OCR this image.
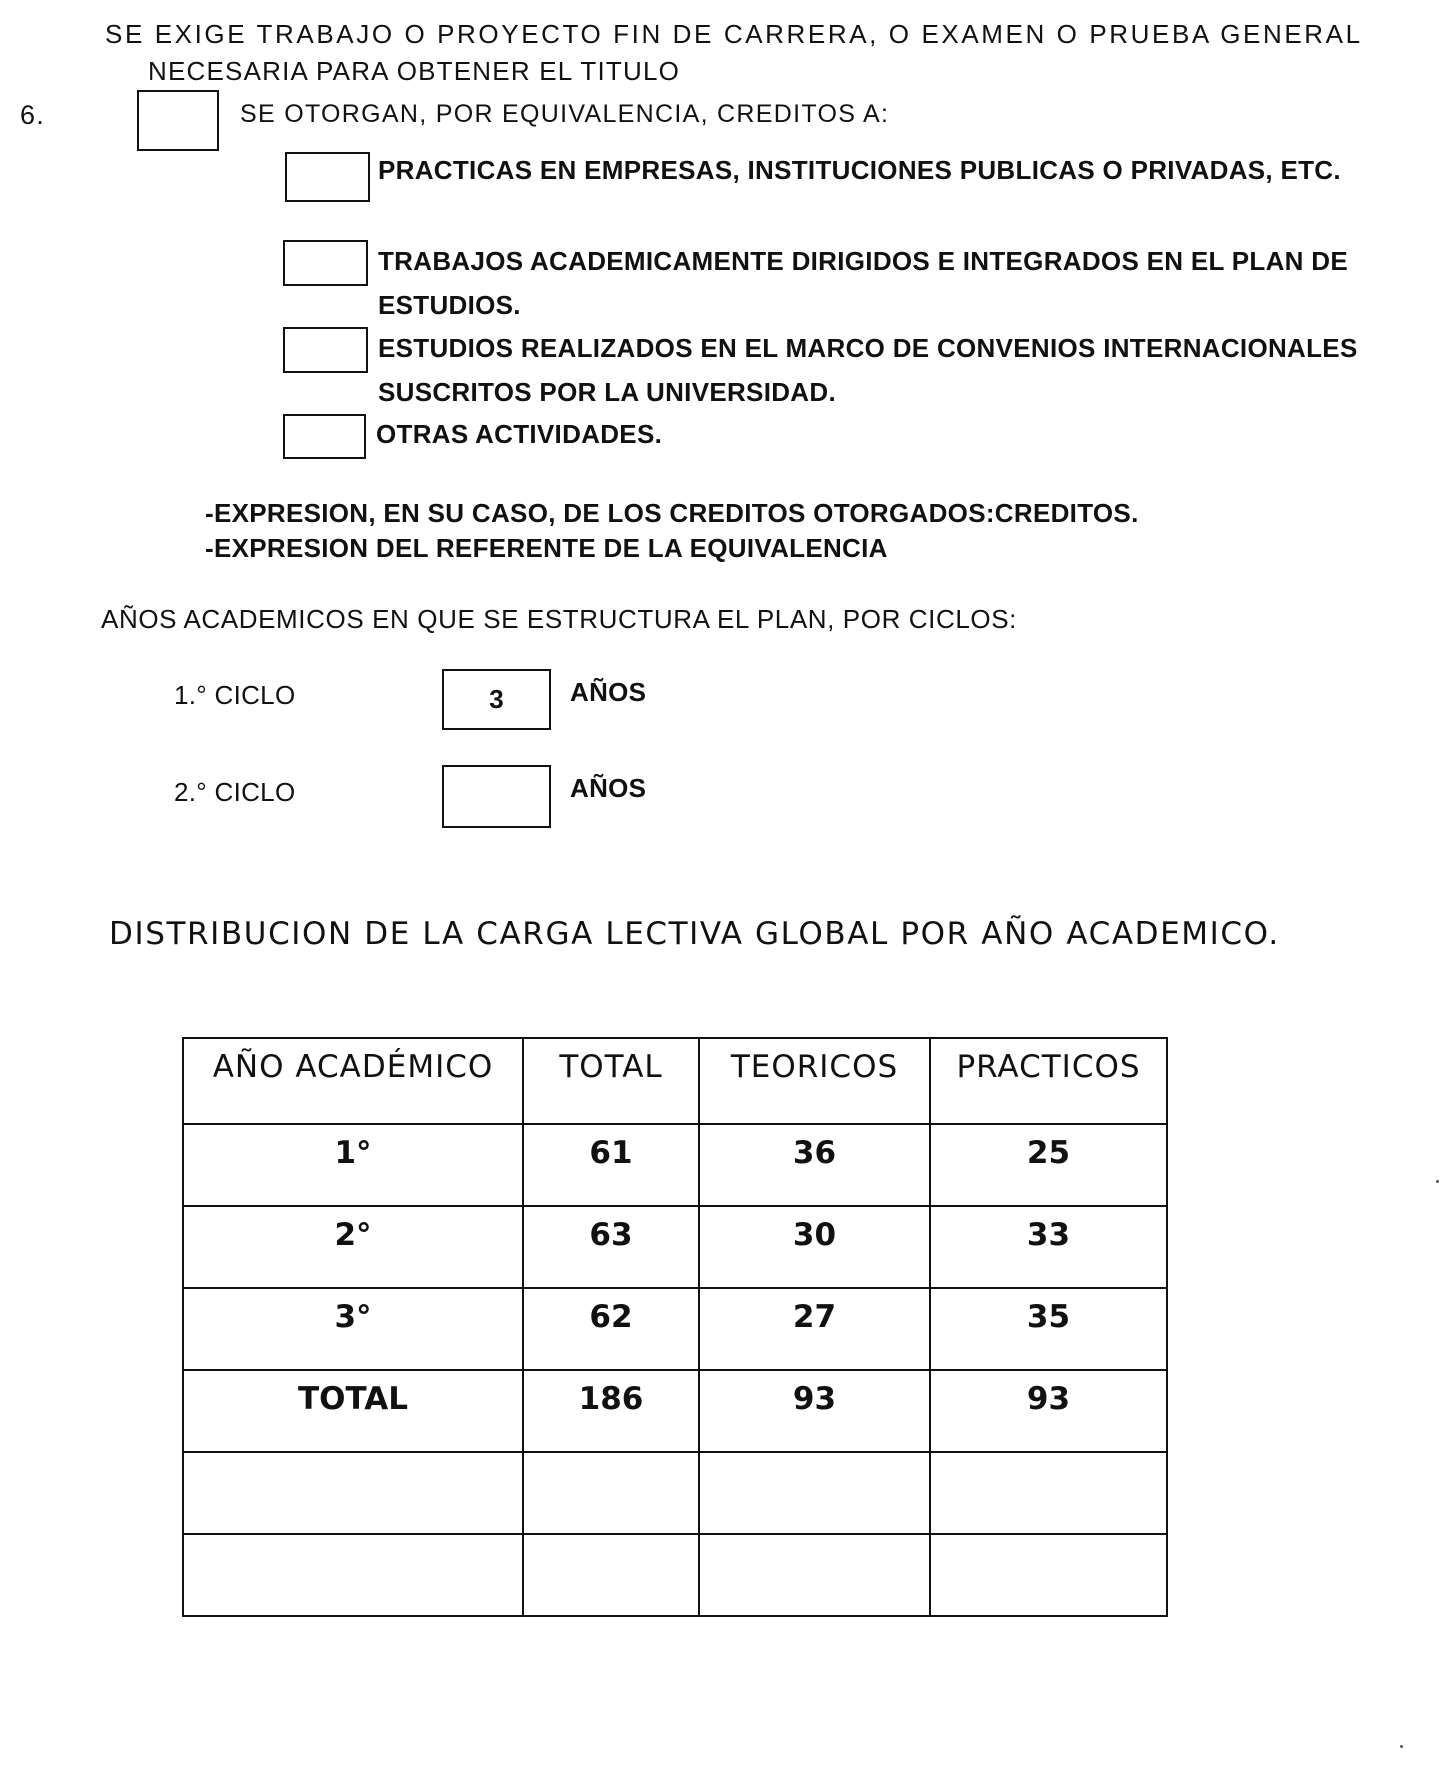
SE EXIGE TRABAJO O PROYECTO FIN DE CARRERA, O EXAMEN O PRUEBA GENERAL
NECESARIA PARA OBTENER EL TITULO
6.	SE OTORGAN, POR EQUIVALENCIA, CREDITOS A:
PRACTICAS EN EMPRESAS, INSTITUCIONES PUBLICAS O PRIVADAS, ETC.
TRABAJOS ACADEMICAMENTE DIRIGIDOS E INTEGRADOS EN EL PLAN DE
ESTUDIOS.
ESTUDIOS REALIZADOS EN EL MARCO DE CONVENIOS INTERNACIONALES
SUSCRITOS POR LA UNIVERSIDAD.
OTRAS ACTIVIDADES.
-EXPRESION, EN SU CASO, DE LOS CREDITOS OTORGADOS:CREDITOS.
-EXPRESION DEL REFERENTE DE LA EQUIVALENCIA
AÑOS ACADEMICOS EN QUE SE ESTRUCTURA EL PLAN, POR CICLOS:
1.° CICLO	3	AÑOS
2.° CICLO	AÑOS
DISTRIBUCION DE LA CARGA LECTIVA GLOBAL POR AÑO ACADEMICO.
AÑO ACADÉMICO	TOTAL	TEORICOS	PRACTICOS
1°	61	36	25
2°	63	30	33
3°	62	27	35
TOTAL	186	93	93
